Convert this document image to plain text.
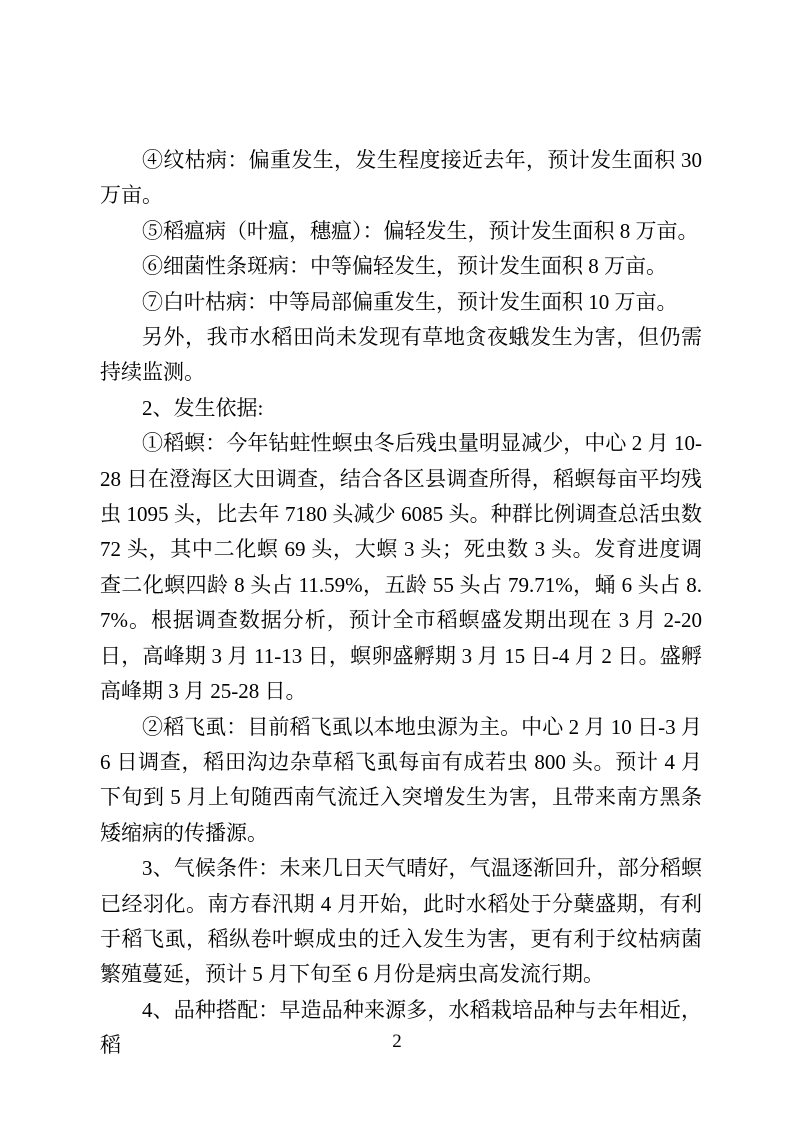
④纹枯病：偏重发生，发生程度接近去年，预计发生面积 30 万亩。

⑤稻瘟病（叶瘟，穗瘟）：偏轻发生，预计发生面积 8 万亩。

⑥细菌性条斑病：中等偏轻发生，预计发生面积 8 万亩。

⑦白叶枯病：中等局部偏重发生，预计发生面积 10 万亩。

另外，我市水稻田尚未发现有草地贪夜蛾发生为害，但仍需持续监测。

2、发生依据:

①稻螟：今年钻蛀性螟虫冬后残虫量明显减少，中心 2 月 10-28 日在澄海区大田调查，结合各区县调查所得，稻螟每亩平均残虫 1095 头，比去年 7180 头减少 6085 头。种群比例调查总活虫数 72 头，其中二化螟 69 头，大螟 3 头；死虫数 3 头。发育进度调查二化螟四龄 8 头占 11.59%，五龄 55 头占 79.71%，蛹 6 头占 8.7%。根据调查数据分析，预计全市稻螟盛发期出现在 3 月 2-20 日，高峰期 3 月 11-13 日，螟卵盛孵期 3 月 15 日-4 月 2 日。盛孵高峰期 3 月 25-28 日。

②稻飞虱：目前稻飞虱以本地虫源为主。中心 2 月 10 日-3 月 6 日调查，稻田沟边杂草稻飞虱每亩有成若虫 800 头。预计 4 月下旬到 5 月上旬随西南气流迁入突增发生为害，且带来南方黑条矮缩病的传播源。

3、气候条件：未来几日天气晴好，气温逐渐回升，部分稻螟已经羽化。南方春汛期 4 月开始，此时水稻处于分蘖盛期，有利于稻飞虱，稻纵卷叶螟成虫的迁入发生为害，更有利于纹枯病菌繁殖蔓延，预计 5 月下旬至 6 月份是病虫高发流行期。

4、品种搭配：早造品种来源多，水稻栽培品种与去年相近，稻	2
